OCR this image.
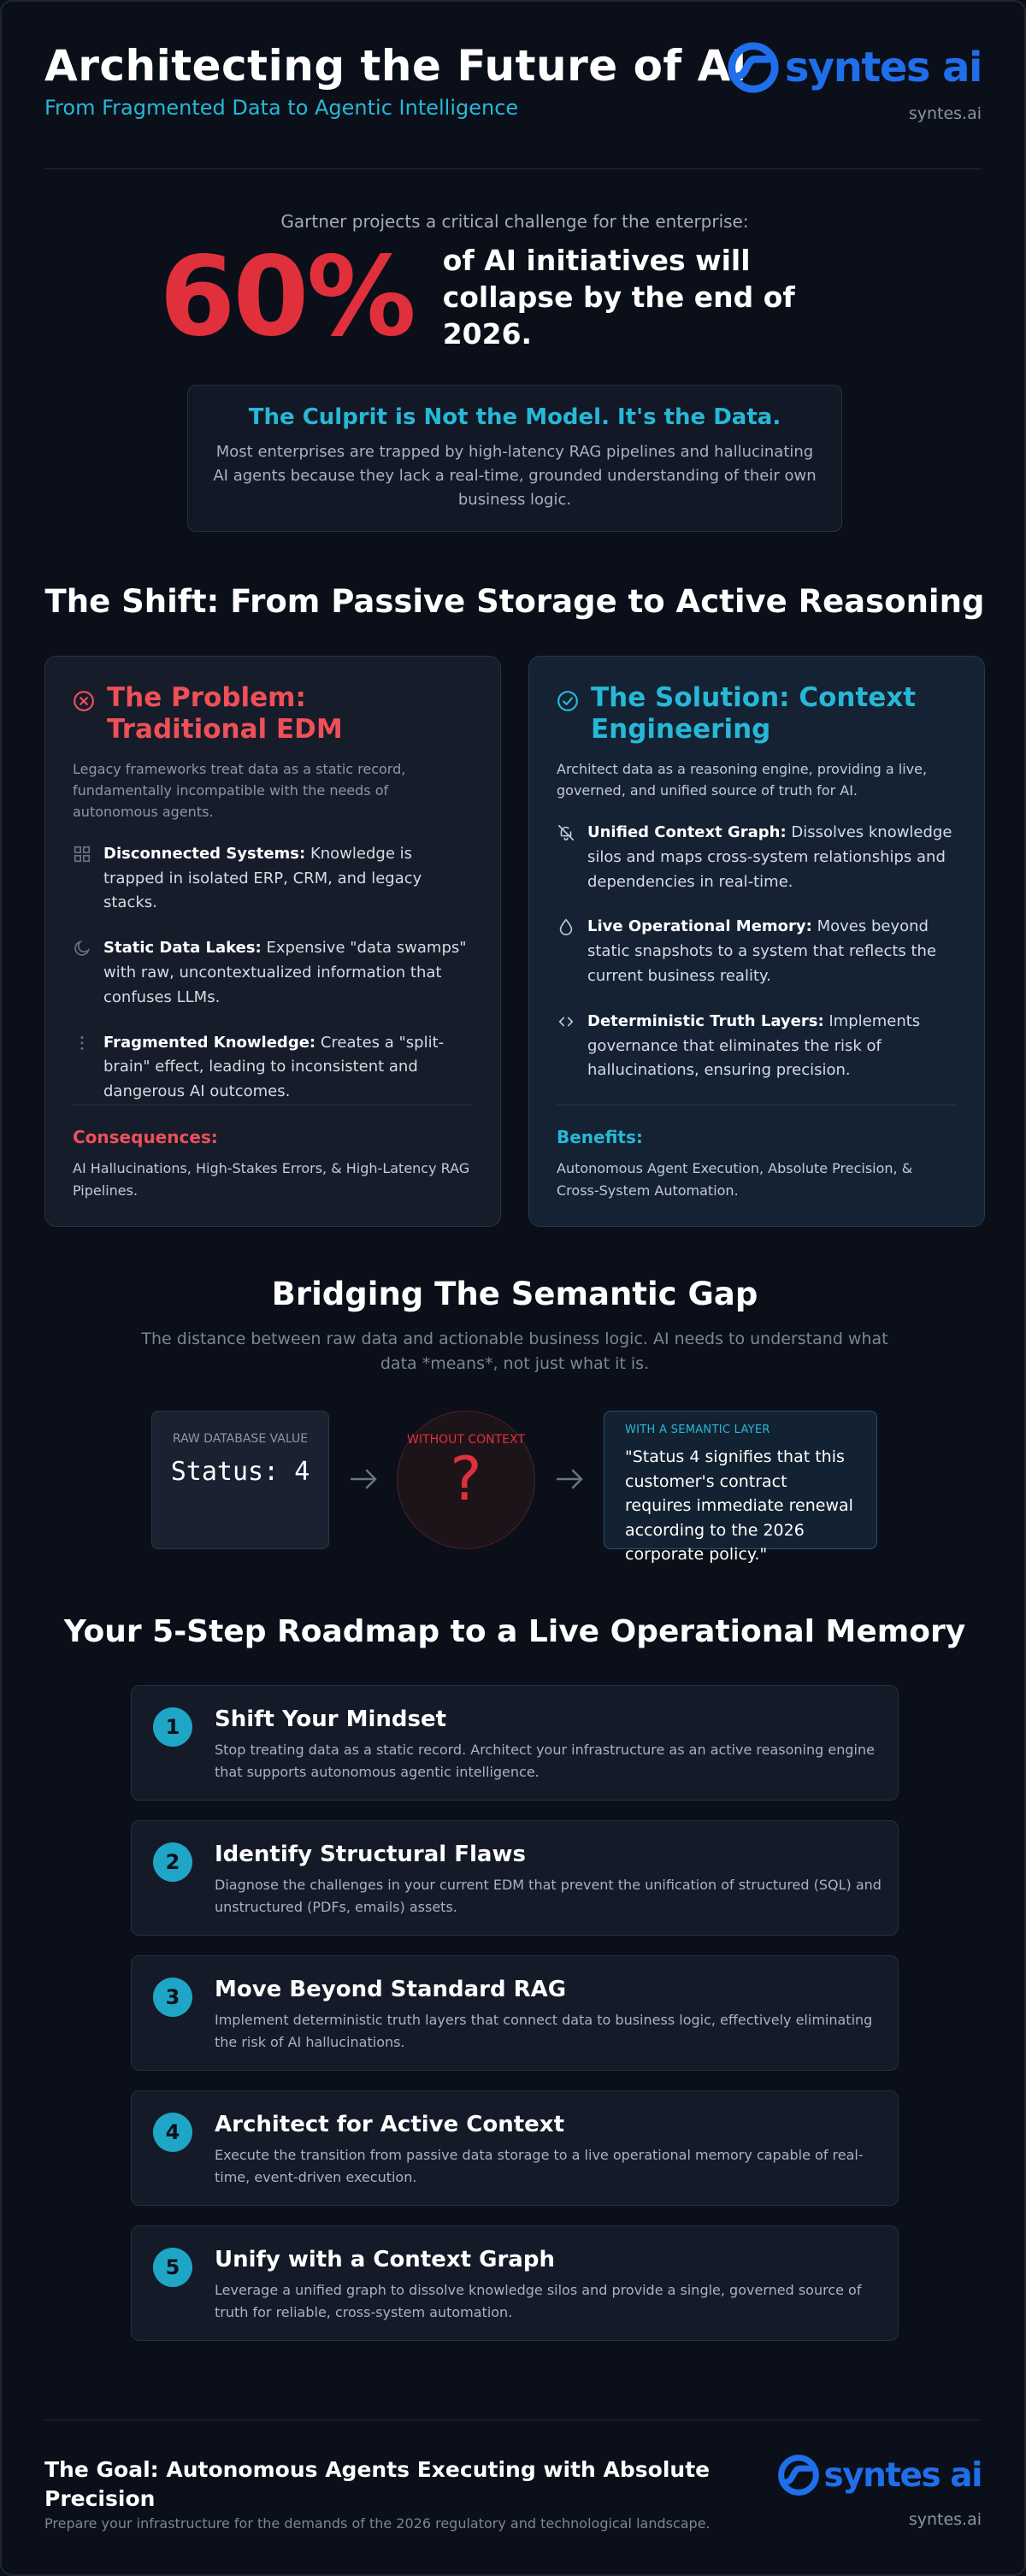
Architecting the Future of AI
From Fragmented Data to Agentic Intelligence
syntes ai
syntes.ai
Gartner projects a critical challenge for the enterprise:
60% of AI initiatives will collapse by the end of 2026.
The Culprit is Not the Model. It's the Data.

Most enterprises are trapped by high-latency RAG pipelines and hallucinating AI agents because they lack a real-time, grounded understanding of their own business logic.

The Shift: From Passive Storage to Active Reasoning
The Problem: Traditional EDM
Legacy frameworks treat data as a static record, fundamentally incompatible with the needs of autonomous agents.

Disconnected Systems: Knowledge is trapped in isolated ERP, CRM, and legacy stacks.

Static Data Lakes: Expensive "data swamps" with raw, uncontextualized information that confuses LLMs.

Fragmented Knowledge: Creates a "split-brain" effect, leading to inconsistent and dangerous AI outcomes.

Consequences:
AI Hallucinations, High-Stakes Errors, & High-Latency RAG Pipelines.
The Solution: Context Engineering
Architect data as a reasoning engine, providing a live, governed, and unified source of truth for AI.

Unified Context Graph: Dissolves knowledge silos and maps cross-system relationships and dependencies in real-time.

Live Operational Memory: Moves beyond static snapshots to a system that reflects the current business reality.

Deterministic Truth Layers: Implements governance that eliminates the risk of hallucinations, ensuring precision.

Benefits:
Autonomous Agent Execution, Absolute Precision, & Cross-System Automation.
Bridging The Semantic Gap
The distance between raw data and actionable business logic. AI needs to understand what data *means*, not just what it is.
RAW DATABASE VALUE
Status: 4
WITHOUT CONTEXT
?
WITH A SEMANTIC LAYER
"Status 4 signifies that this customer's contract requires immediate renewal according to the 2026 corporate policy."
Your 5-Step Roadmap to a Live Operational Memory
1	Shift Your Mindset
Stop treating data as a static record. Architect your infrastructure as an active reasoning engine that supports autonomous agentic intelligence.
2	Identify Structural Flaws
Diagnose the challenges in your current EDM that prevent the unification of structured (SQL) and unstructured (PDFs, emails) assets.
3	Move Beyond Standard RAG
Implement deterministic truth layers that connect data to business logic, effectively eliminating the risk of AI hallucinations.
4	Architect for Active Context
Execute the transition from passive data storage to a live operational memory capable of real-time, event-driven execution.
5	Unify with a Context Graph
Leverage a unified graph to dissolve knowledge silos and provide a single, governed source of truth for reliable, cross-system automation.
The Goal: Autonomous Agents Executing with Absolute Precision
Prepare your infrastructure for the demands of the 2026 regulatory and technological landscape.
syntes ai
syntes.ai
